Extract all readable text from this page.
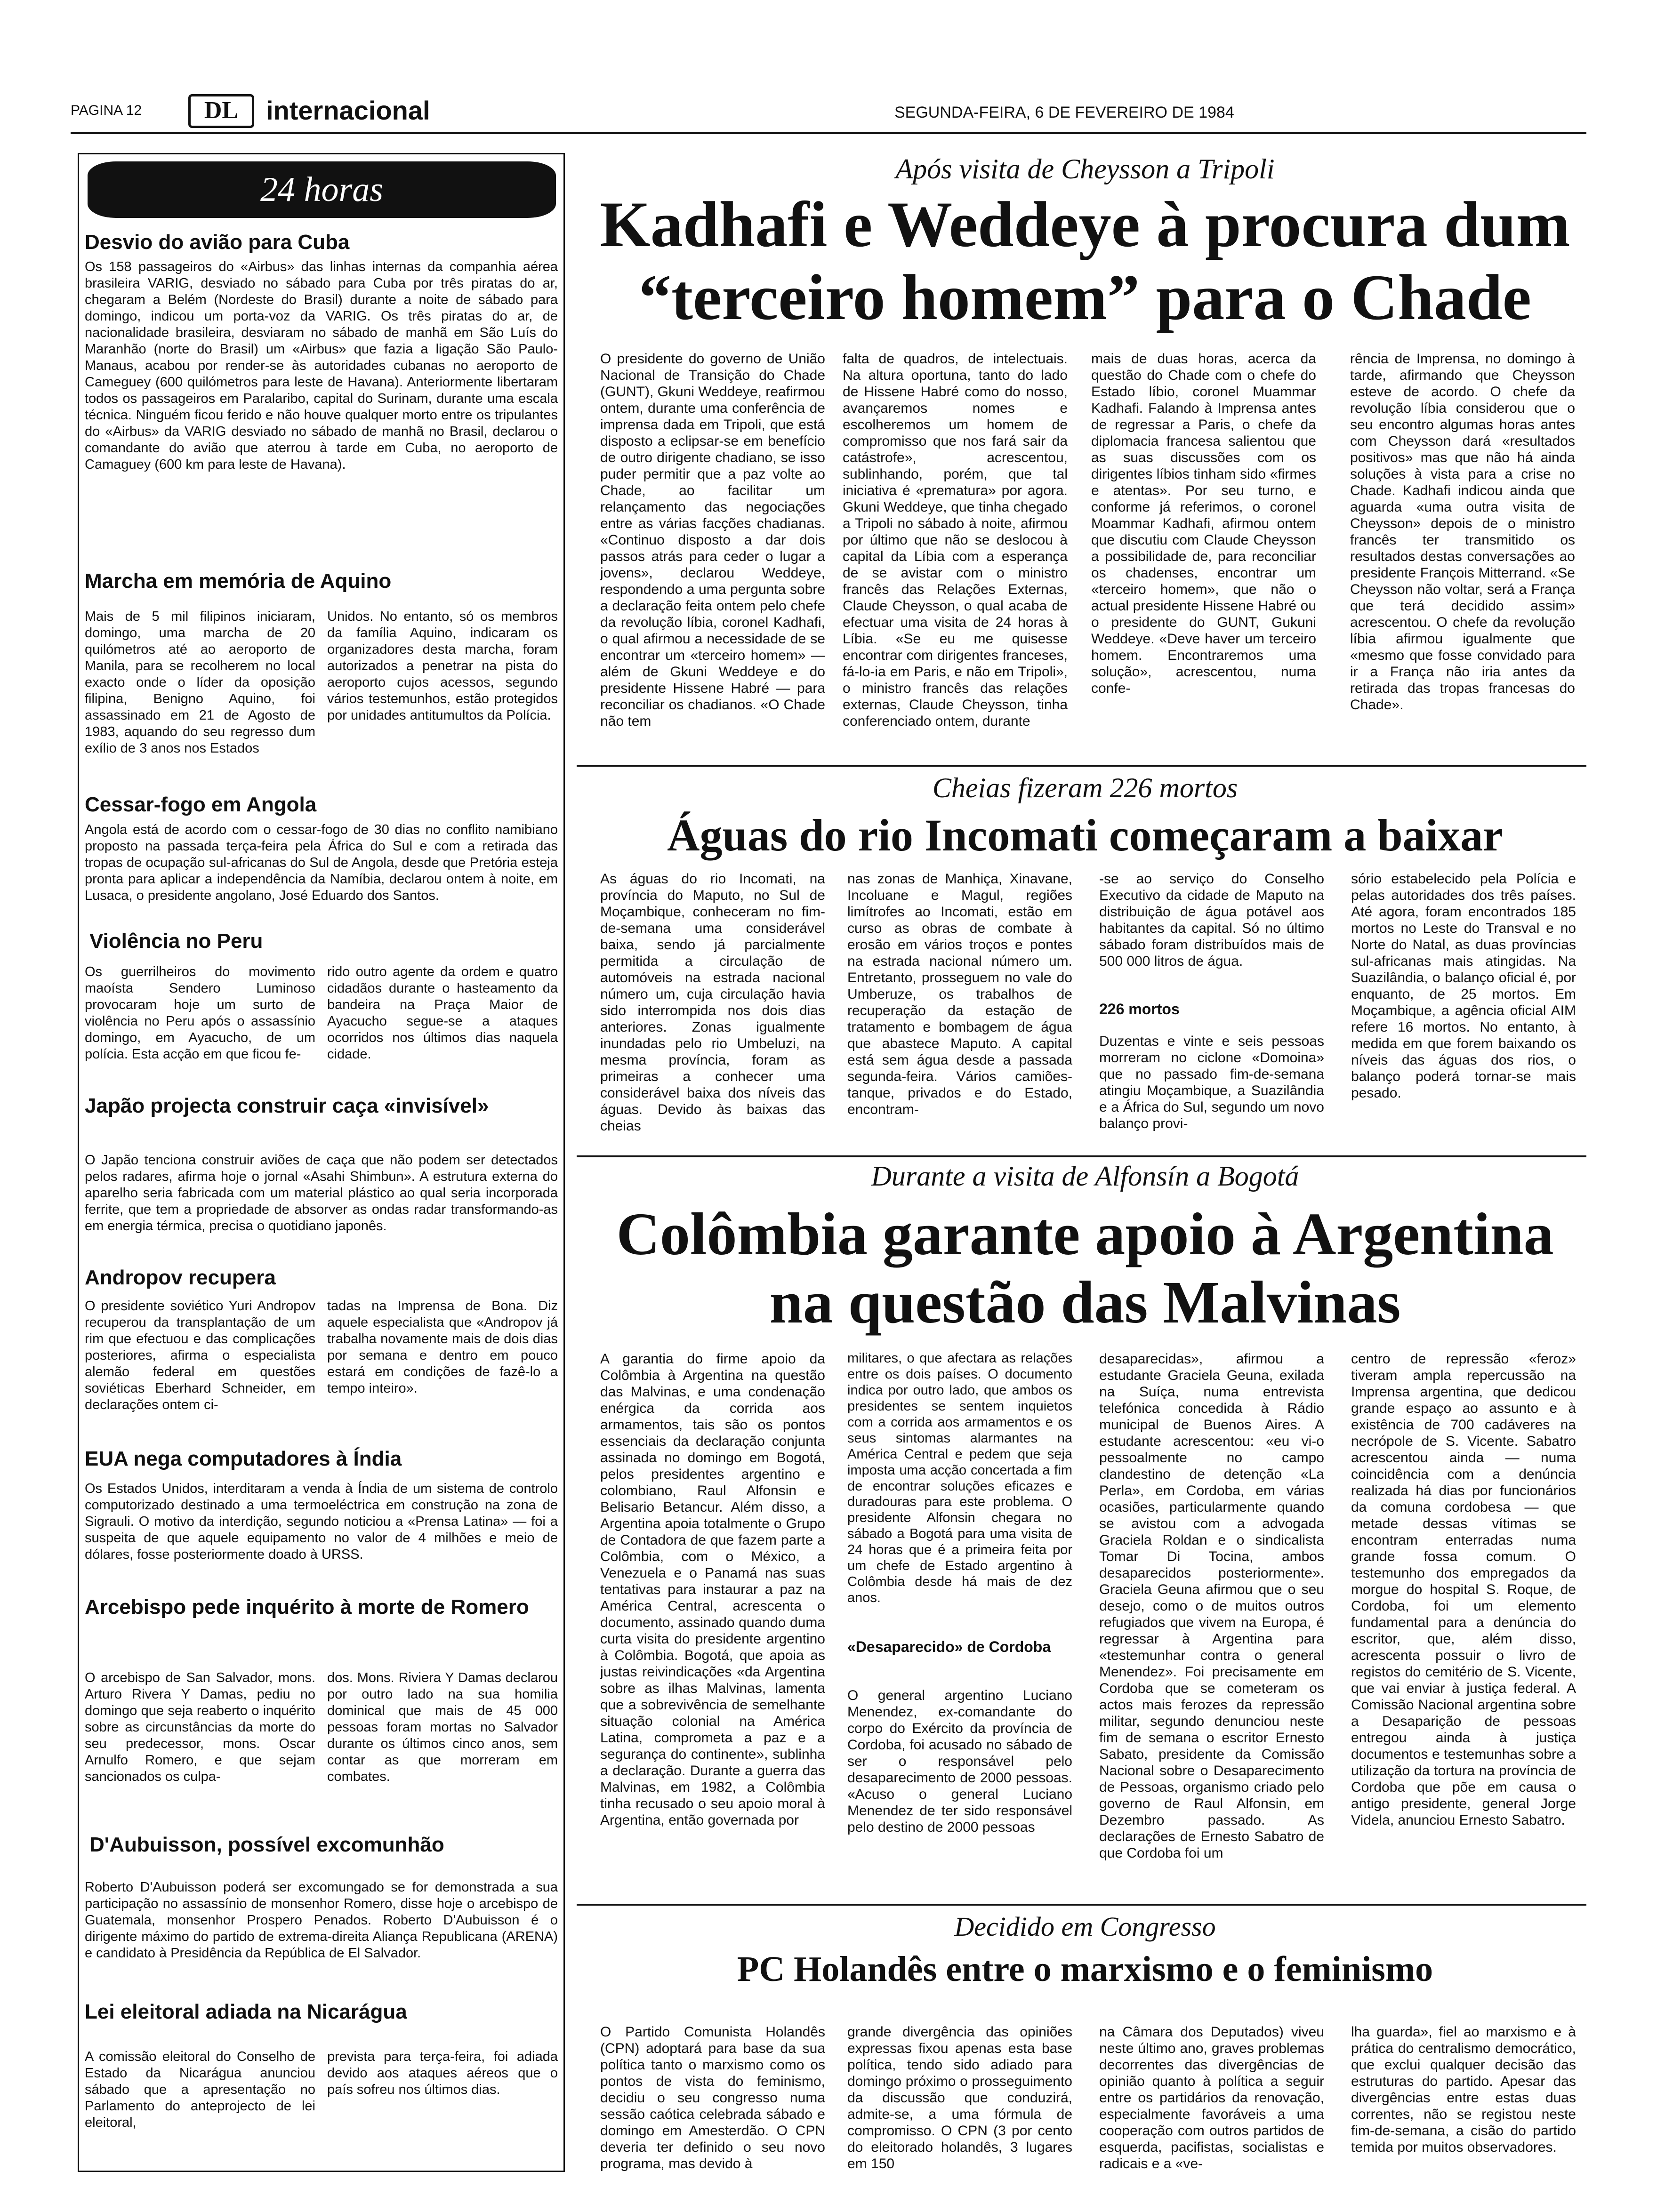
PAGINA 12	DL	internacional	SEGUNDA-FEIRA, 6 DE FEVEREIRO DE 1984
24 horas
Desvio do avião para Cuba

Os 158 passageiros do «Airbus» das linhas internas da companhia aérea brasileira VARIG, desviado no sábado para Cuba por três piratas do ar, chegaram a Belém (Nordeste do Brasil) durante a noite de sábado para domingo, indicou um porta-voz da VARIG. Os três piratas do ar, de nacionalidade brasileira, desviaram no sábado de manhã em São Luís do Maranhão (norte do Brasil) um «Airbus» que fazia a ligação São Paulo-Manaus, acabou por render-se às autoridades cubanas no aeroporto de Cameguey (600 quilómetros para leste de Havana). Anteriormente libertaram todos os passageiros em Paralaribo, capital do Surinam, durante uma escala técnica. Ninguém ficou ferido e não houve qualquer morto entre os tripulantes do «Airbus» da VARIG desviado no sábado de manhã no Brasil, declarou o comandante do avião que aterrou à tarde em Cuba, no aeroporto de Camaguey (600 km para leste de Havana).

Marcha em memória de Aquino

Mais de 5 mil filipinos iniciaram, domingo, uma marcha de 20 quilómetros até ao aeroporto de Manila, para se recolherem no local exacto onde o líder da oposição filipina, Benigno Aquino, foi assassinado em 21 de Agosto de 1983, aquando do seu regresso dum exílio de 3 anos nos Estados

Unidos. No entanto, só os membros da família Aquino, indicaram os organizadores desta marcha, foram autorizados a penetrar na pista do aeroporto cujos acessos, segundo vários testemunhos, estão protegidos por unidades antitumultos da Polícia.

Cessar-fogo em Angola

Angola está de acordo com o cessar-fogo de 30 dias no conflito namibiano proposto na passada terça-feira pela África do Sul e com a retirada das tropas de ocupação sul-africanas do Sul de Angola, desde que Pretória esteja pronta para aplicar a independência da Namíbia, declarou ontem à noite, em Lusaca, o presidente angolano, José Eduardo dos Santos.

Violência no Peru

Os guerrilheiros do movimento maoísta Sendero Luminoso provocaram hoje um surto de violência no Peru após o assassínio domingo, em Ayacucho, de um polícia. Esta acção em que ficou fe-

rido outro agente da ordem e quatro cidadãos durante o hasteamento da bandeira na Praça Maior de Ayacucho segue-se a ataques ocorridos nos últimos dias naquela cidade.

Japão projecta construir caça «invisível»

O Japão tenciona construir aviões de caça que não podem ser detectados pelos radares, afirma hoje o jornal «Asahi Shimbun». A estrutura externa do aparelho seria fabricada com um material plástico ao qual seria incorporada ferrite, que tem a propriedade de absorver as ondas radar transformando-as em energia térmica, precisa o quotidiano japonês.

Andropov recupera

O presidente soviético Yuri Andropov recuperou da transplantação de um rim que efectuou e das complicações posteriores, afirma o especialista alemão federal em questões soviéticas Eberhard Schneider, em declarações ontem ci-

tadas na Imprensa de Bona. Diz aquele especialista que «Andropov já trabalha novamente mais de dois dias por semana e dentro em pouco estará em condições de fazê-lo a tempo inteiro».

EUA nega computadores à Índia

Os Estados Unidos, interditaram a venda à Índia de um sistema de controlo computorizado destinado a uma termoeléctrica em construção na zona de Sigrauli. O motivo da interdição, segundo noticiou a «Prensa Latina» — foi a suspeita de que aquele equipamento no valor de 4 milhões e meio de dólares, fosse posteriormente doado à URSS.

Arcebispo pede inquérito à morte de Romero

O arcebispo de San Salvador, mons. Arturo Rivera Y Damas, pediu no domingo que seja reaberto o inquérito sobre as circunstâncias da morte do seu predecessor, mons. Oscar Arnulfo Romero, e que sejam sancionados os culpa-

dos. Mons. Riviera Y Damas declarou por outro lado na sua homilia dominical que mais de 45 000 pessoas foram mortas no Salvador durante os últimos cinco anos, sem contar as que morreram em combates.

D'Aubuisson, possível excomunhão

Roberto D'Aubuisson poderá ser excomungado se for demonstrada a sua participação no assassínio de monsenhor Romero, disse hoje o arcebispo de Guatemala, monsenhor Prospero Penados. Roberto D'Aubuisson é o dirigente máximo do partido de extrema-direita Aliança Republicana (ARENA) e candidato à Presidência da República de El Salvador.

Lei eleitoral adiada na Nicarágua

A comissão eleitoral do Conselho de Estado da Nicarágua anunciou sábado que a apresentação no Parlamento do anteprojecto de lei eleitoral,

prevista para terça-feira, foi adiada devido aos ataques aéreos que o país sofreu nos últimos dias.

Após visita de Cheysson a Tripoli
Kadhafi e Weddeye à procura dum
“terceiro homem” para o Chade

O presidente do governo de União Nacional de Transição do Chade (GUNT), Gkuni Weddeye, reafirmou ontem, durante uma conferência de imprensa dada em Tripoli, que está disposto a eclipsar-se em benefício de outro dirigente chadiano, se isso puder permitir que a paz volte ao Chade, ao facilitar um relançamento das negociações entre as várias facções chadianas. «Continuo disposto a dar dois passos atrás para ceder o lugar a jovens», declarou Weddeye, respondendo a uma pergunta sobre a declaração feita ontem pelo chefe da revolução líbia, coronel Kadhafi, o qual afirmou a necessidade de se encontrar um «terceiro homem» — além de Gkuni Weddeye e do presidente Hissene Habré — para reconciliar os chadianos. «O Chade não tem

falta de quadros, de intelectuais. Na altura oportuna, tanto do lado de Hissene Habré como do nosso, avançaremos nomes e escolheremos um homem de compromisso que nos fará sair da catástrofe», acrescentou, sublinhando, porém, que tal iniciativa é «prematura» por agora. Gkuni Weddeye, que tinha chegado a Tripoli no sábado à noite, afirmou por último que não se deslocou à capital da Líbia com a esperança de se avistar com o ministro francês das Relações Externas, Claude Cheysson, o qual acaba de efectuar uma visita de 24 horas à Líbia. «Se eu me quisesse encontrar com dirigentes franceses, fá-lo-ia em Paris, e não em Tripoli», o ministro francês das relações externas, Claude Cheysson, tinha conferenciado ontem, durante

mais de duas horas, acerca da questão do Chade com o chefe do Estado líbio, coronel Muammar Kadhafi. Falando à Imprensa antes de regressar a Paris, o chefe da diplomacia francesa salientou que as suas discussões com os dirigentes líbios tinham sido «firmes e atentas». Por seu turno, e conforme já referimos, o coronel Moammar Kadhafi, afirmou ontem que discutiu com Claude Cheysson a possibilidade de, para reconciliar os chadenses, encontrar um «terceiro homem», que não o actual presidente Hissene Habré ou o presidente do GUNT, Gukuni Weddeye. «Deve haver um terceiro homem. Encontraremos uma solução», acrescentou, numa confe-

rência de Imprensa, no domingo à tarde, afirmando que Cheysson esteve de acordo. O chefe da revolução líbia considerou que o seu encontro algumas horas antes com Cheysson dará «resultados positivos» mas que não há ainda soluções à vista para a crise no Chade. Kadhafi indicou ainda que aguarda «uma outra visita de Cheysson» depois de o ministro francês ter transmitido os resultados destas conversações ao presidente François Mitterrand. «Se Cheysson não voltar, será a França que terá decidido assim» acrescentou. O chefe da revolução líbia afirmou igualmente que «mesmo que fosse convidado para ir a França não iria antes da retirada das tropas francesas do Chade».

Cheias fizeram 226 mortos
Águas do rio Incomati começaram a baixar

As águas do rio Incomati, na província do Maputo, no Sul de Moçambique, conheceram no fim-de-semana uma considerável baixa, sendo já parcialmente permitida a circulação de automóveis na estrada nacional número um, cuja circulação havia sido interrompida nos dois dias anteriores. Zonas igualmente inundadas pelo rio Umbeluzi, na mesma província, foram as primeiras a conhecer uma considerável baixa dos níveis das águas. Devido às baixas das cheias

nas zonas de Manhiça, Xinavane, Incoluane e Magul, regiões limítrofes ao Incomati, estão em curso as obras de combate à erosão em vários troços e pontes na estrada nacional número um. Entretanto, prosseguem no vale do Umberuze, os trabalhos de recuperação da estação de tratamento e bombagem de água que abastece Maputo. A capital está sem água desde a passada segunda-feira. Vários camiões-tanque, privados e do Estado, encontram-

-se ao serviço do Conselho Executivo da cidade de Maputo na distribuição de água potável aos habitantes da capital. Só no último sábado foram distribuídos mais de 500 000 litros de água.

226 mortos

Duzentas e vinte e seis pessoas morreram no ciclone «Domoina» que no passado fim-de-semana atingiu Moçambique, a Suazilândia e a África do Sul, segundo um novo balanço provi-

sório estabelecido pela Polícia e pelas autoridades dos três países. Até agora, foram encontrados 185 mortos no Leste do Transval e no Norte do Natal, as duas províncias sul-africanas mais atingidas. Na Suazilândia, o balanço oficial é, por enquanto, de 25 mortos. Em Moçambique, a agência oficial AIM refere 16 mortos. No entanto, à medida em que forem baixando os níveis das águas dos rios, o balanço poderá tornar-se mais pesado.

Durante a visita de Alfonsín a Bogotá
Colômbia garante apoio à Argentina
na questão das Malvinas

A garantia do firme apoio da Colômbia à Argentina na questão das Malvinas, e uma condenação enérgica da corrida aos armamentos, tais são os pontos essenciais da declaração conjunta assinada no domingo em Bogotá, pelos presidentes argentino e colombiano, Raul Alfonsin e Belisario Betancur. Além disso, a Argentina apoia totalmente o Grupo de Contadora de que fazem parte a Colômbia, com o México, a Venezuela e o Panamá nas suas tentativas para instaurar a paz na América Central, acrescenta o documento, assinado quando duma curta visita do presidente argentino à Colômbia. Bogotá, que apoia as justas reivindicações «da Argentina sobre as ilhas Malvinas, lamenta que a sobrevivência de semelhante situação colonial na América Latina, comprometa a paz e a segurança do continente», sublinha a declaração. Durante a guerra das Malvinas, em 1982, a Colômbia tinha recusado o seu apoio moral à Argentina, então governada por

militares, o que afectara as relações entre os dois países. O documento indica por outro lado, que ambos os presidentes se sentem inquietos com a corrida aos armamentos e os seus sintomas alarmantes na América Central e pedem que seja imposta uma acção concertada a fim de encontrar soluções eficazes e duradouras para este problema. O presidente Alfonsin chegara no sábado a Bogotá para uma visita de 24 horas que é a primeira feita por um chefe de Estado argentino à Colômbia desde há mais de dez anos.

«Desaparecido» de Cordoba

O general argentino Luciano Menendez, ex-comandante do corpo do Exército da província de Cordoba, foi acusado no sábado de ser o responsável pelo desaparecimento de 2000 pessoas. «Acuso o general Luciano Menendez de ter sido responsável pelo destino de 2000 pessoas

desaparecidas», afirmou a estudante Graciela Geuna, exilada na Suíça, numa entrevista telefónica concedida à Rádio municipal de Buenos Aires. A estudante acrescentou: «eu vi-o pessoalmente no campo clandestino de detenção «La Perla», em Cordoba, em várias ocasiões, particularmente quando se avistou com a advogada Graciela Roldan e o sindicalista Tomar Di Tocina, ambos desaparecidos posteriormente». Graciela Geuna afirmou que o seu desejo, como o de muitos outros refugiados que vivem na Europa, é regressar à Argentina para «testemunhar contra o general Menendez». Foi precisamente em Cordoba que se cometeram os actos mais ferozes da repressão militar, segundo denunciou neste fim de semana o escritor Ernesto Sabato, presidente da Comissão Nacional sobre o Desaparecimento de Pessoas, organismo criado pelo governo de Raul Alfonsin, em Dezembro passado. As declarações de Ernesto Sabatro de que Cordoba foi um

centro de repressão «feroz» tiveram ampla repercussão na Imprensa argentina, que dedicou grande espaço ao assunto e à existência de 700 cadáveres na necrópole de S. Vicente. Sabatro acrescentou ainda — numa coincidência com a denúncia realizada há dias por funcionários da comuna cordobesa — que metade dessas vítimas se encontram enterradas numa grande fossa comum. O testemunho dos empregados da morgue do hospital S. Roque, de Cordoba, foi um elemento fundamental para a denúncia do escritor, que, além disso, acrescenta possuir o livro de registos do cemitério de S. Vicente, que vai enviar à justiça federal. A Comissão Nacional argentina sobre a Desaparição de pessoas entregou ainda à justiça documentos e testemunhas sobre a utilização da tortura na província de Cordoba que põe em causa o antigo presidente, general Jorge Videla, anunciou Ernesto Sabatro.

Decidido em Congresso
PC Holandês entre o marxismo e o feminismo

O Partido Comunista Holandês (CPN) adoptará para base da sua política tanto o marxismo como os pontos de vista do feminismo, decidiu o seu congresso numa sessão caótica celebrada sábado e domingo em Amesterdão. O CPN deveria ter definido o seu novo programa, mas devido à

grande divergência das opiniões expressas fixou apenas esta base política, tendo sido adiado para domingo próximo o prosseguimento da discussão que conduzirá, admite-se, a uma fórmula de compromisso. O CPN (3 por cento do eleitorado holandês, 3 lugares em 150

na Câmara dos Deputados) viveu neste último ano, graves problemas decorrentes das divergências de opinião quanto à política a seguir entre os partidários da renovação, especialmente favoráveis a uma cooperação com outros partidos de esquerda, pacifistas, socialistas e radicais e a «ve-

lha guarda», fiel ao marxismo e à prática do centralismo democrático, que exclui qualquer decisão das estruturas do partido. Apesar das divergências entre estas duas correntes, não se registou neste fim-de-semana, a cisão do partido temida por muitos observadores.
